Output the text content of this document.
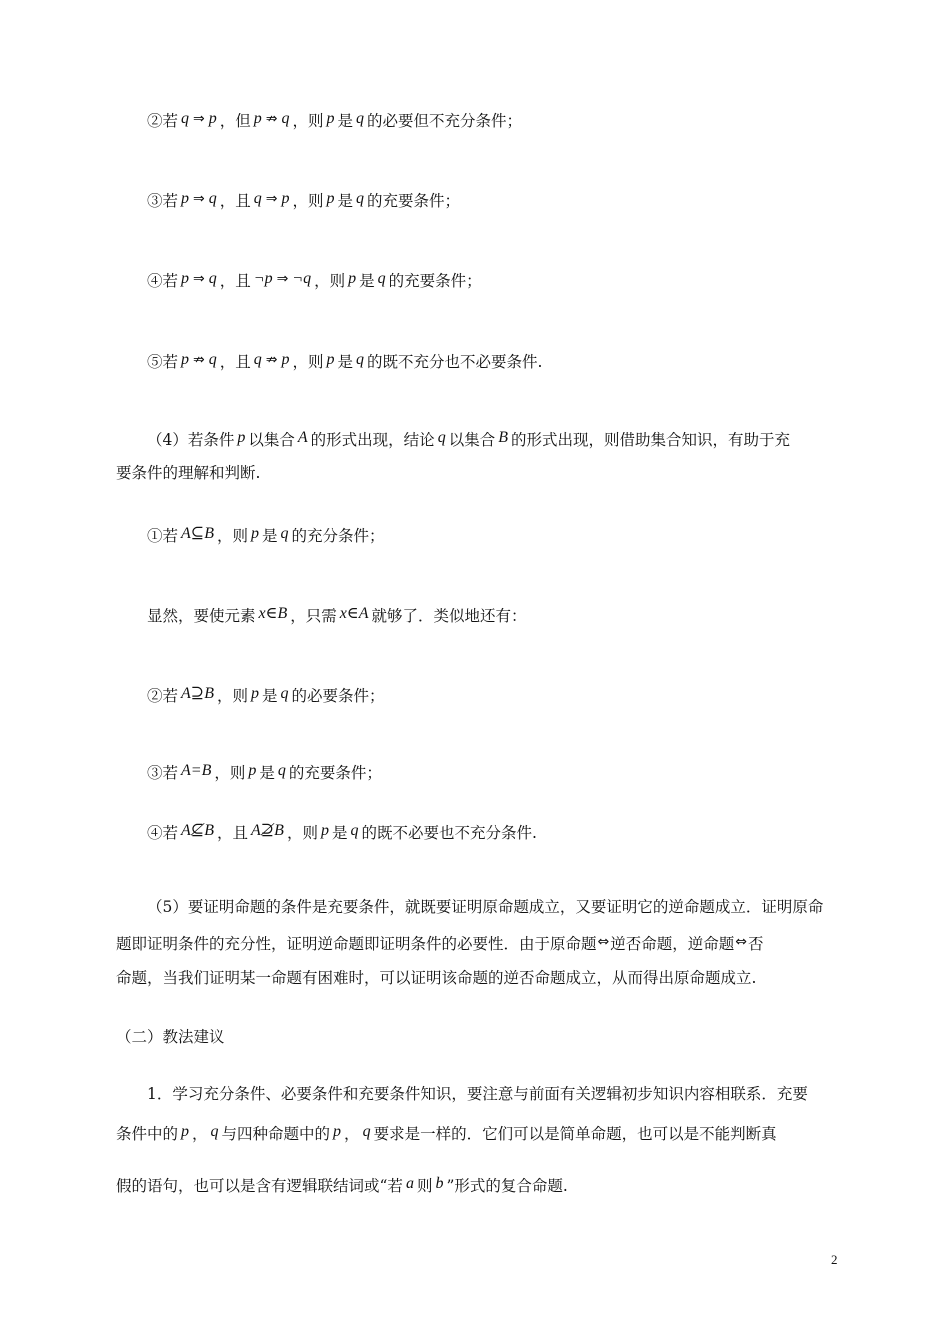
②若 q ⇒ p ，但 p ⇏ q ，则 p 是 q 的必要但不充分条件；
③若 p ⇒ q ，且 q ⇒ p ，则 p 是 q 的充要条件；
④若 p ⇒ q ，且 ¬p ⇒ ¬q ，则 p 是 q 的充要条件；
⑤若 p ⇏ q ，且 q ⇏ p ，则 p 是 q 的既不充分也不必要条件.
（4）若条件 p 以集合 A 的形式出现，结论 q 以集合 B 的形式出现，则借助集合知识，有助于充
要条件的理解和判断.
①若 A⊆B ，则 p 是 q 的充分条件；
显然，要使元素 x∈B ，只需 x∈A 就够了．类似地还有：
②若 A⊇B ，则 p 是 q 的必要条件；
③若 A=B ，则 p 是 q 的充要条件；
④若 A⊈B ，且 A⊉B ，则 p 是 q 的既不必要也不充分条件.
（5）要证明命题的条件是充要条件，就既要证明原命题成立，又要证明它的逆命题成立．证明原命
题即证明条件的充分性，证明逆命题即证明条件的必要性．由于原命题⇔逆否命题，逆命题⇔否
命题，当我们证明某一命题有困难时，可以证明该命题的逆否命题成立，从而得出原命题成立.
（二）教法建议
1．学习充分条件、必要条件和充要条件知识，要注意与前面有关逻辑初步知识内容相联系．充要
条件中的 p ， q 与四种命题中的 p ， q 要求是一样的．它们可以是简单命题，也可以是不能判断真
假的语句，也可以是含有逻辑联结词或“若 a 则 b ”形式的复合命题.
2
